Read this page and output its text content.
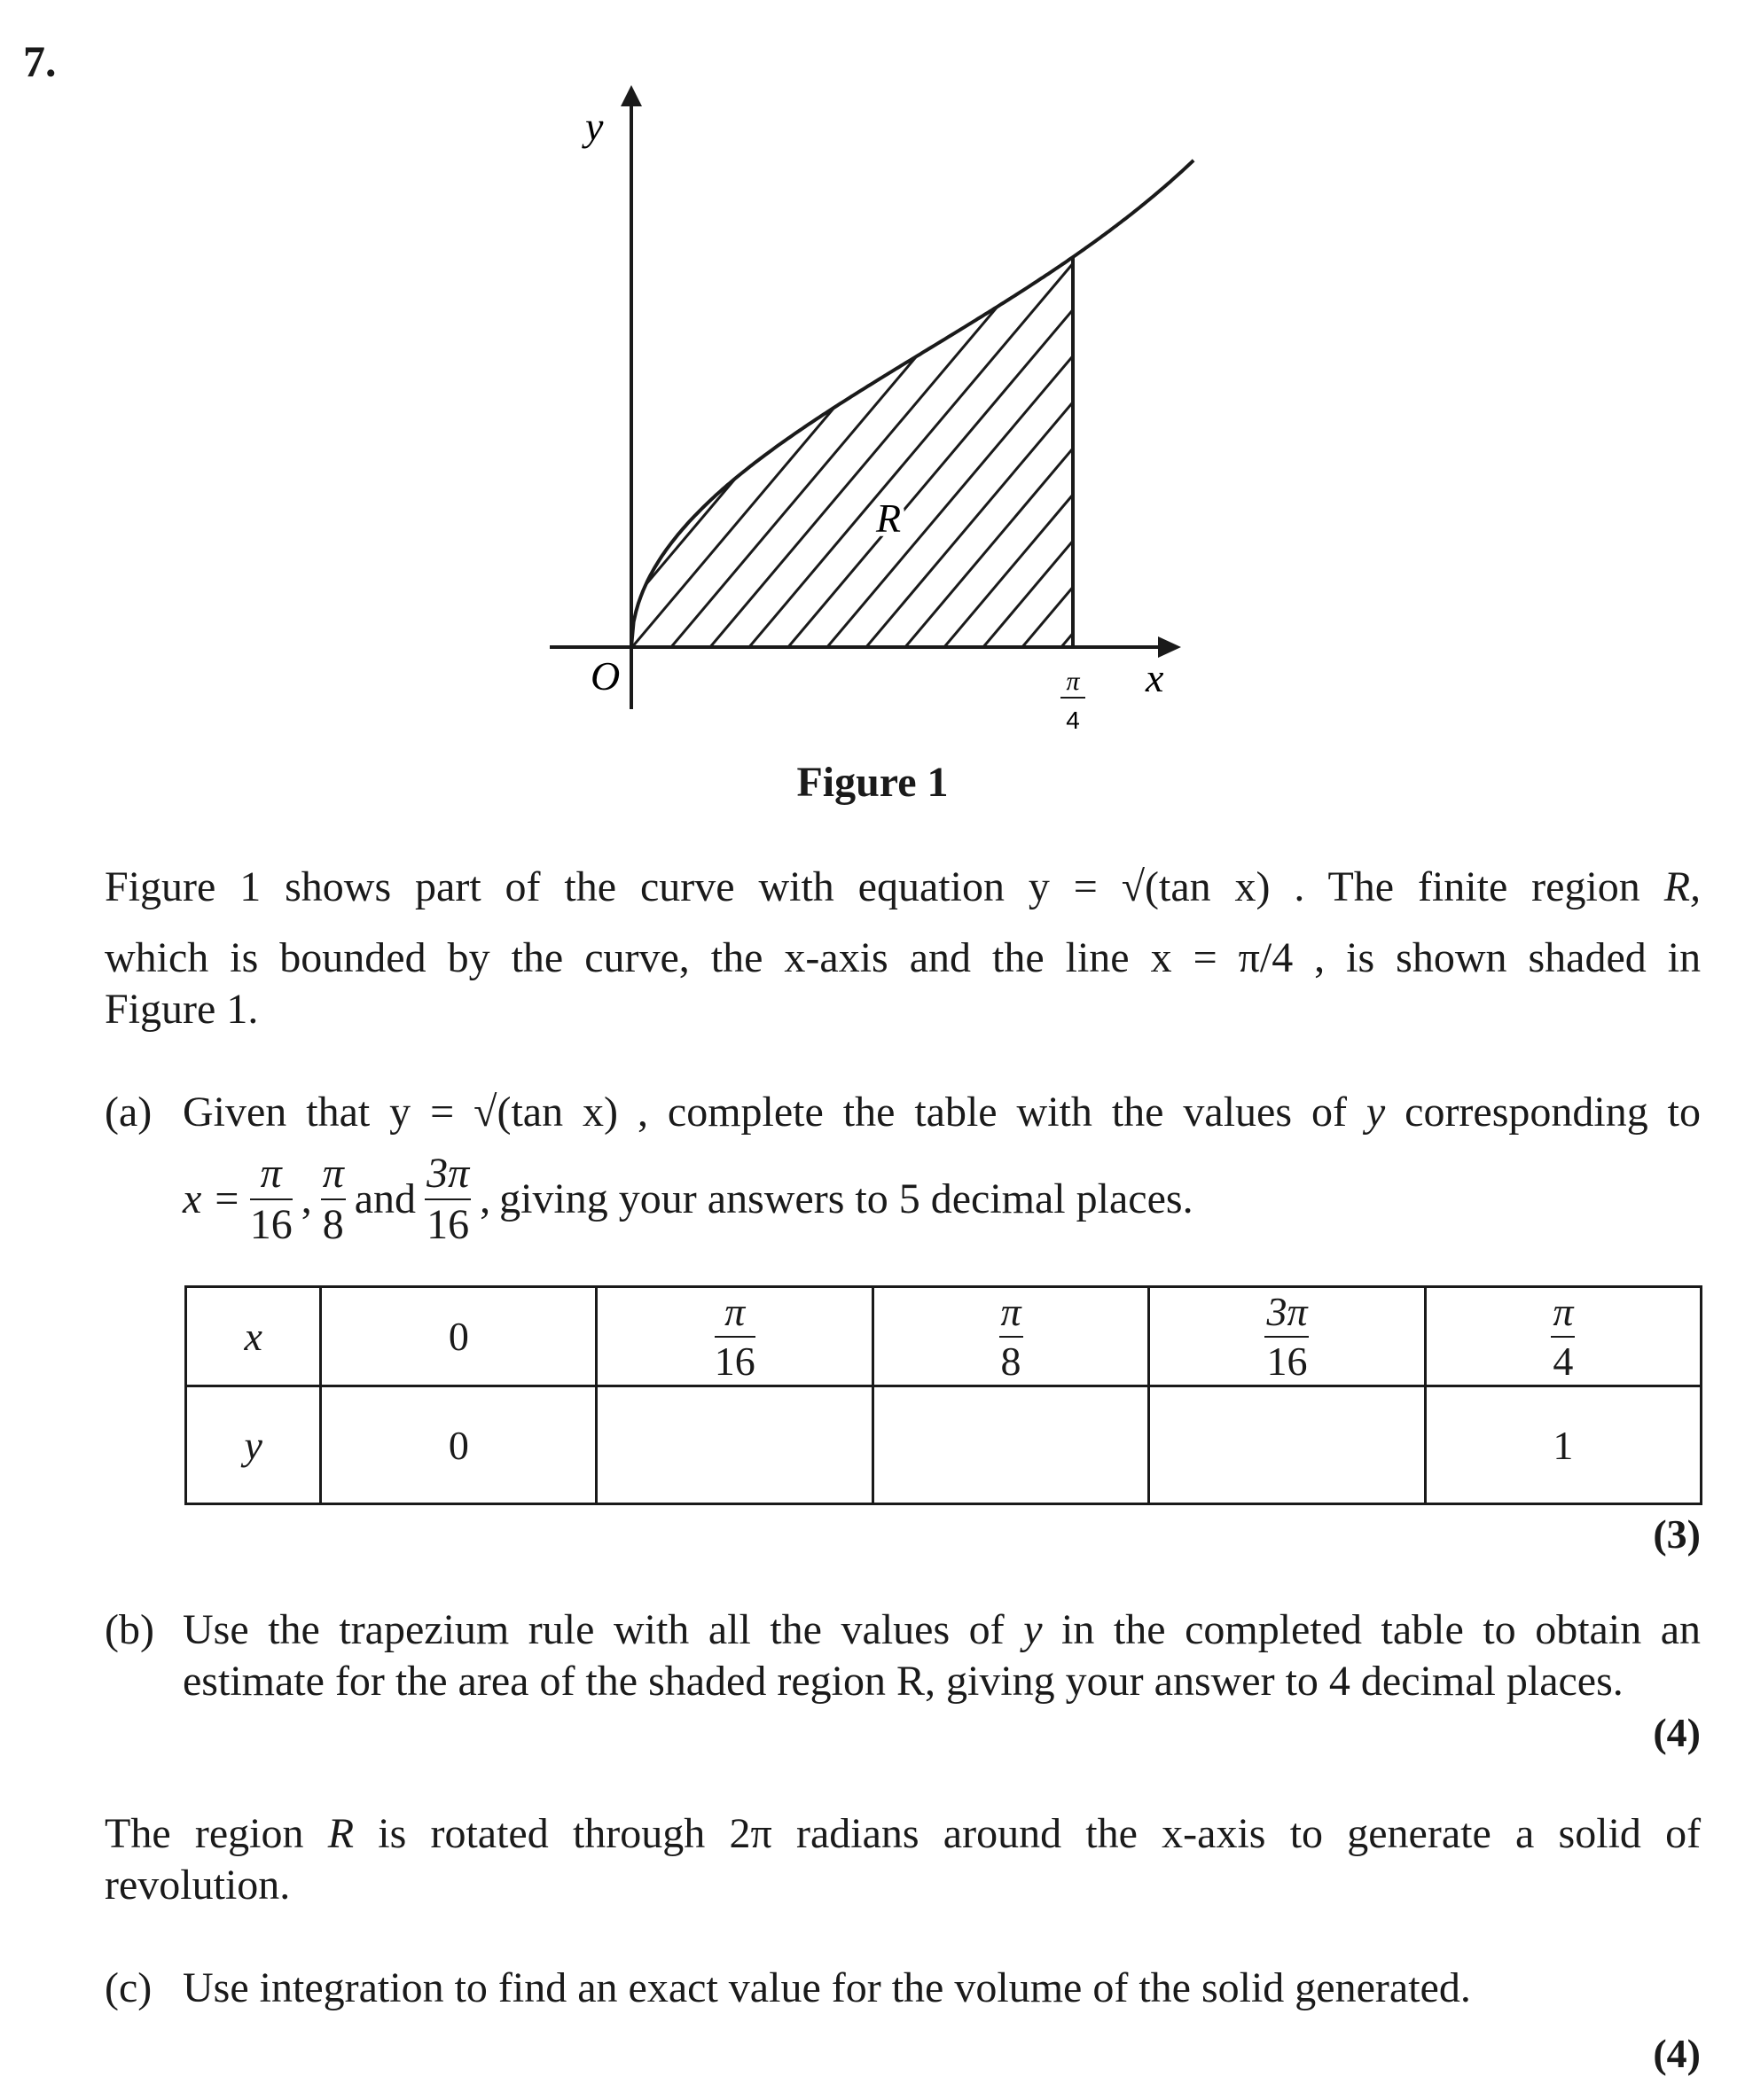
7.
y
x
O
R
π
4
Figure 1
Figure 1 shows part of the curve with equation y = √(tan x) . The finite region R,
which is bounded by the curve, the x-axis and the line x = π/4 , is shown shaded in
Figure 1.
(a) Given that y = √(tan x) , complete the table with the values of y corresponding to
$x = \frac{\pi}{16}$ , $\frac{\pi}{8}$ and $\frac{3\pi}{16}$ , giving your answers to 5 decimal places.
x	0	$\frac{\pi}{16}$	$\frac{\pi}{8}$	$\frac{3\pi}{16}$	$\frac{\pi}{4}$

y	0				1
(3)
(b) Use the trapezium rule with all the values of y in the completed table to obtain an
estimate for the area of the shaded region R, giving your answer to 4 decimal places.
(4)
The region R is rotated through 2π radians around the x-axis to generate a solid of
revolution.
(c) Use integration to find an exact value for the volume of the solid generated.
(4)
